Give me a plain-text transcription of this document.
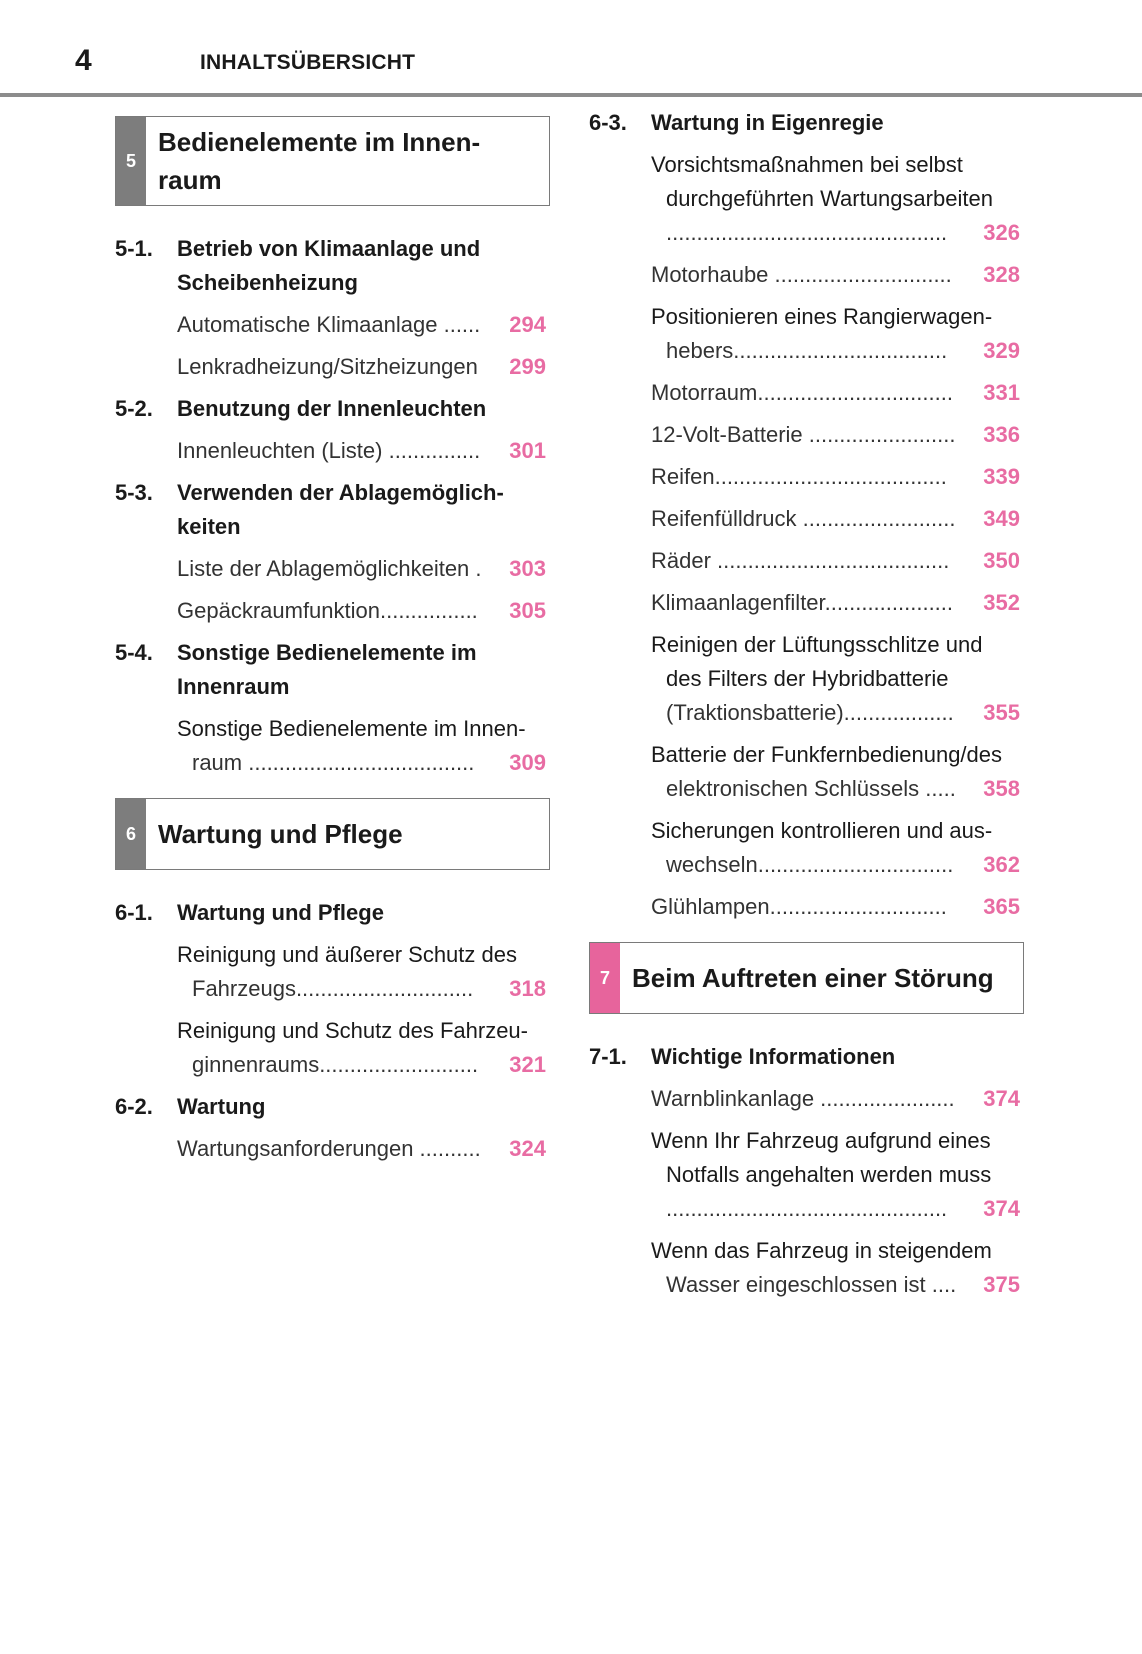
4	INHALTSÜBERSICHT
5
Bedienelemente im Innen-
raum
5-1.	Betrieb von Klimaanlage und
Scheibenheizung
Automatische Klimaanlage ...... 294
Lenkradheizung/Sitzheizungen 299
5-2.	Benutzung der Innenleuchten
Innenleuchten (Liste) ............... 301
5-3.	Verwenden der Ablagemöglich-
keiten
Liste der Ablagemöglichkeiten . 303
Gepäckraumfunktion................ 305
5-4.	Sonstige Bedienelemente im
Innenraum
Sonstige Bedienelemente im Innen-
raum ..................................... 309
6 Wartung und Pflege
6-1.	Wartung und Pflege
Reinigung und äußerer Schutz des
Fahrzeugs............................. 318
Reinigung und Schutz des Fahrzeu-
ginnenraums.......................... 321
6-2.	Wartung
Wartungsanforderungen .......... 324
6-3.	Wartung in Eigenregie
Vorsichtsmaßnahmen bei selbst
durchgeführten Wartungsarbeiten
.............................................. 326
Motorhaube ............................. 328
Positionieren eines Rangierwagen-
hebers................................... 329
Motorraum................................ 331
12-Volt-Batterie ........................ 336
Reifen...................................... 339
Reifenfülldruck ......................... 349
Räder ...................................... 350
Klimaanlagenfilter..................... 352
Reinigen der Lüftungsschlitze und
des Filters der Hybridbatterie
(Traktionsbatterie).................. 355
Batterie der Funkfernbedienung/des
elektronischen Schlüssels ..... 358
Sicherungen kontrollieren und aus-
wechseln................................ 362
Glühlampen............................. 365
7 Beim Auftreten einer Störung
7-1.	Wichtige Informationen
Warnblinkanlage ...................... 374
Wenn Ihr Fahrzeug aufgrund eines
Notfalls angehalten werden muss
.............................................. 374
Wenn das Fahrzeug in steigendem
Wasser eingeschlossen ist .... 375
